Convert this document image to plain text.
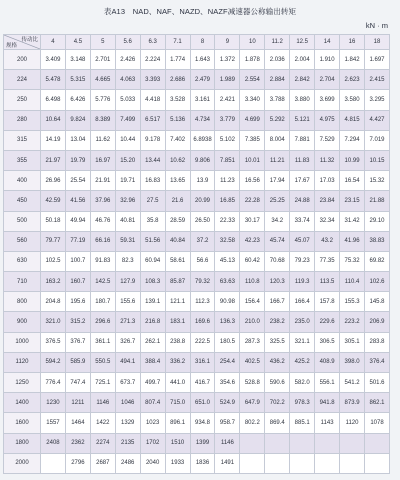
表A13　NAD、NAF、NAZD、NAZF减速器公称输出转矩
kN · m
传动比
规格	4	4.5	5	5.6	6.3	7.1	8	9	10	11.2	12.5	14	16	18
200	3.409	3.148	2.701	2.426	2.224	1.774	1.643	1.372	1.878	2.036	2.004	1.910	1.842	1.697
224	5.478	5.315	4.665	4.063	3.393	2.686	2.479	1.989	2.554	2.884	2.842	2.704	2.623	2.415
250	6.498	6.426	5.776	5.033	4.418	3.528	3.161	2.421	3.340	3.788	3.880	3.699	3.580	3.295
280	10.64	9.824	8.389	7.499	6.517	5.136	4.734	3.779	4.699	5.292	5.121	4.975	4.815	4.427
315	14.19	13.04	11.62	10.44	9.178	7.402	6.8938	5.102	7.385	8.004	7.881	7.529	7.294	7.019
355	21.97	19.79	16.97	15.20	13.44	10.62	9.806	7.851	10.01	11.21	11.83	11.32	10.99	10.15
400	26.96	25.54	21.91	19.71	16.83	13.65	13.9	11.23	16.56	17.94	17.67	17.03	16.54	15.32
450	42.59	41.56	37.96	32.96	27.5	21.6	20.99	16.85	22.28	25.25	24.88	23.84	23.15	21.88
500	50.18	49.94	46.76	40.81	35.8	28.59	26.50	22.33	30.17	34.2	33.74	32.34	31.42	29.10
560	79.77	77.19	66.16	59.31	51.56	40.84	37.2	32.58	42.23	45.74	45.07	43.2	41.96	38.83
630	102.5	100.7	91.83	82.3	60.94	58.61	56.6	45.13	60.42	70.68	79.23	77.35	75.32	69.82
710	163.2	160.7	142.5	127.9	108.3	85.87	79.32	63.63	110.8	120.3	119.3	113.5	110.4	102.6
800	204.8	195.6	180.7	155.6	139.1	121.1	112.3	90.98	156.4	166.7	166.4	157.8	155.3	145.8
900	321.0	315.2	296.6	271.3	216.8	183.1	169.6	136.3	210.0	238.2	235.0	229.6	223.2	206.9
1000	376.5	376.7	361.1	326.7	262.1	238.8	222.5	180.5	287.3	325.5	321.1	306.5	305.1	283.8
1120	594.2	585.9	550.5	494.1	388.4	336.2	316.1	254.4	402.5	436.2	425.2	408.9	398.0	376.4
1250	776.4	747.4	725.1	673.7	499.7	441.0	416.7	354.6	528.8	590.6	582.0	556.1	541.2	501.6
1400	1230	1211	1146	1046	807.4	715.0	651.0	524.9	647.9	702.2	978.3	941.8	873.9	862.1
1600	1557	1464	1422	1329	1023	896.1	934.8	958.7	802.2	869.4	885.1	1143	1120	1078
1800	2408	2362	2274	2135	1702	1510	1399	1146						
2000		2796	2687	2486	2040	1933	1836	1491						
